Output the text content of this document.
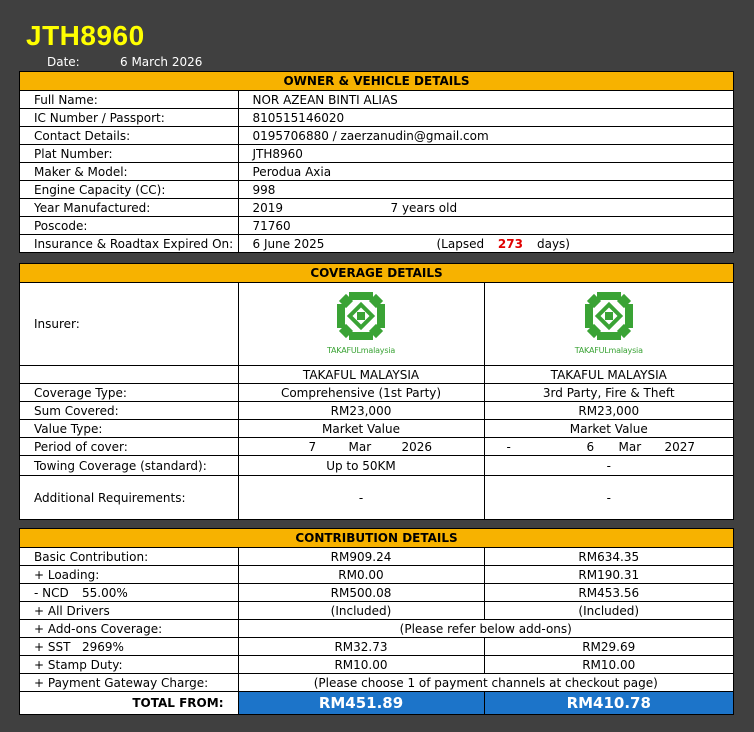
JTH8960
Date:	6 March 2026
OWNER & VEHICLE DETAILS
Full Name:	NOR AZEAN BINTI ALIAS
IC Number / Passport:	810515146020
Contact Details:	0195706880 / zaerzanudin@gmail.com
Plat Number:	JTH8960
Maker & Model:	Perodua Axia
Engine Capacity (CC):	998
Year Manufactured:	2019 7 years old
Poscode:	71760
Insurance & Roadtax Expired On:	6 June 2025 (Lapsed 273 days)
COVERAGE DETAILS
Insurer:	TAKAFULmalaysia	TAKAFULmalaysia

	TAKAFUL MALAYSIA	TAKAFUL MALAYSIA
Coverage Type:	Comprehensive (1st Party)	3rd Party, Fire & Theft
Sum Covered:	RM23,000	RM23,000
Value Type:	Market Value	Market Value
Period of cover:	7 Mar 2026	- 6 Mar 2027
Towing Coverage (standard):	Up to 50KM	-
Additional Requirements:	-	-
CONTRIBUTION DETAILS
Basic Contribution:	RM909.24	RM634.35
+ Loading:	RM0.00	RM190.31
- NCD 55.00%	RM500.08	RM453.56
+ All Drivers	(Included)	(Included)
+ Add-ons Coverage:	(Please refer below add-ons)	
+ SST 2969%	RM32.73	RM29.69
+ Stamp Duty:	RM10.00	RM10.00
+ Payment Gateway Charge:	(Please choose 1 of payment channels at checkout page)	
TOTAL FROM:	RM451.89	RM410.78
